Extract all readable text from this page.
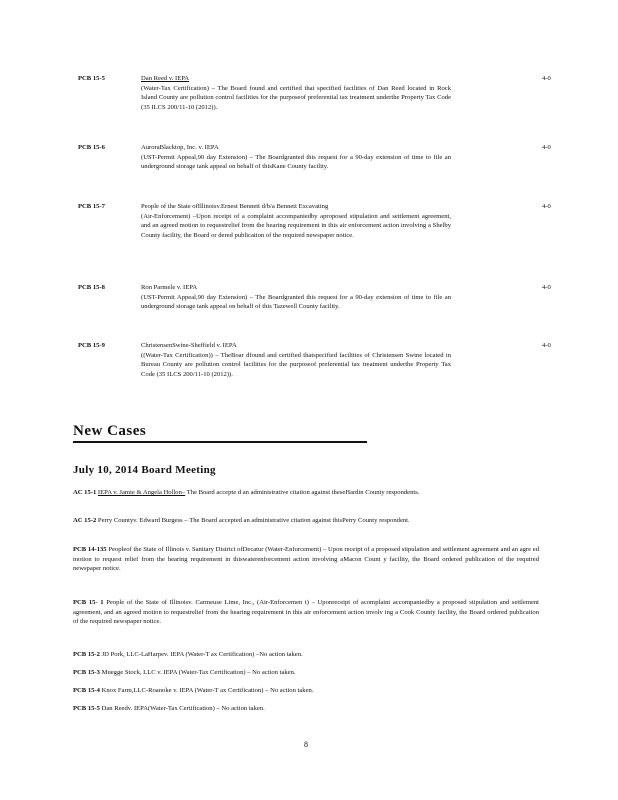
PCB 15-5	Dan Reed v. IEPA
(Water-Tax Certification) – The Board found and certified that specified facilities of Dan Reed located in Rock Island County are pollution control facilities for the purposeof preferential tax treatment underthe Property Tax Code (35 ILCS 200/11-10 (2012)).
4-0
PCB 15-6	AuroraBlacktop, Inc. v. IEPA
(UST-Permit Appeal,90 day Extension) – The Boardgranted this request for a 90-day extension of time to file an underground storage tank appeal on behalf of thisKane County facility.
4-0
PCB 15-7	People of the State ofIllinoisv.Ernest Bennett d/b/a Bennett Excavating
(Air-Enforcement) –Upon receipt of a complaint accompaniedby aproposed stipulation and settlement agreement, and an agreed motion to requestrelief from the hearing requirement in this air enforcement action involving a Shelby County facility, the Board or dered publication of the required newspaper notice.
4-0
PCB 15-8	Ron Parmele v. IEPA
(UST-Permit Appeal,90 day Extension) – The Boardgranted this request for a 90-day extension of time to file an underground storage tank appeal on behalf of this Tazewell County facility.
4-0
PCB 15-9	ChristensenSwine-Sheffield v. IEPA
((Water-Tax Certification)) – TheBoar dfound and certified thatspecified facilities of Christensen Swine located in Bureau County are pollution control facilities for the purposeof preferential tax treatment underthe Property Tax Code (35 ILCS 200/11-10 (2012)).
4-0
New Cases
July 10, 2014 Board Meeting
AC 15-1 IEPA v. Jamie & Angela Hollon– The Board accepte d an administrative citation against theseHardin County respondents.
AC 15-2 Perry Countyv. Edward Burgess – The Board accepted an administrative citation against thisPerry County respondent.
PCB 14-135 Peopleof the State of Illinois v. Sanitary District ofDecatur (Water-Enforcement) – Upon receipt of a proposed stipulation and settlement agreement and an agre ed motion to request relief from the hearing requirement in thiswaterenforcement action involving aMacon Count y facility, the Board ordered publication of the required newspaper notice.
PCB 15- 1 People of the State of Illinoisv. Carmeuse Lime, Inc., (Air-Enforcemen t) – Uponreceipt of acomplaint accompaniedby a proposed stipulation and settlement agreement, and an agreed motion to requestrelief from the hearing requirement in this air enforcement action involv ing a Cook County facility, the Board ordered publication of the required newspaper notice.
PCB 15-2 JD Pork, LLC-LaHarpev. IEPA (Water-T ax Certification) –No action taken.
PCB 15-3 Muegge Stock, LLC v. IEPA (Water-Tax Certification) – No action taken.
PCB 15-4 Knox Farm,LLC-Roanoke v. IEPA (Water-T ax Certification) – No action taken.
PCB 15-5 Dan Reedv. IEPA(Water-Tax Certification) – No action taken.
8
